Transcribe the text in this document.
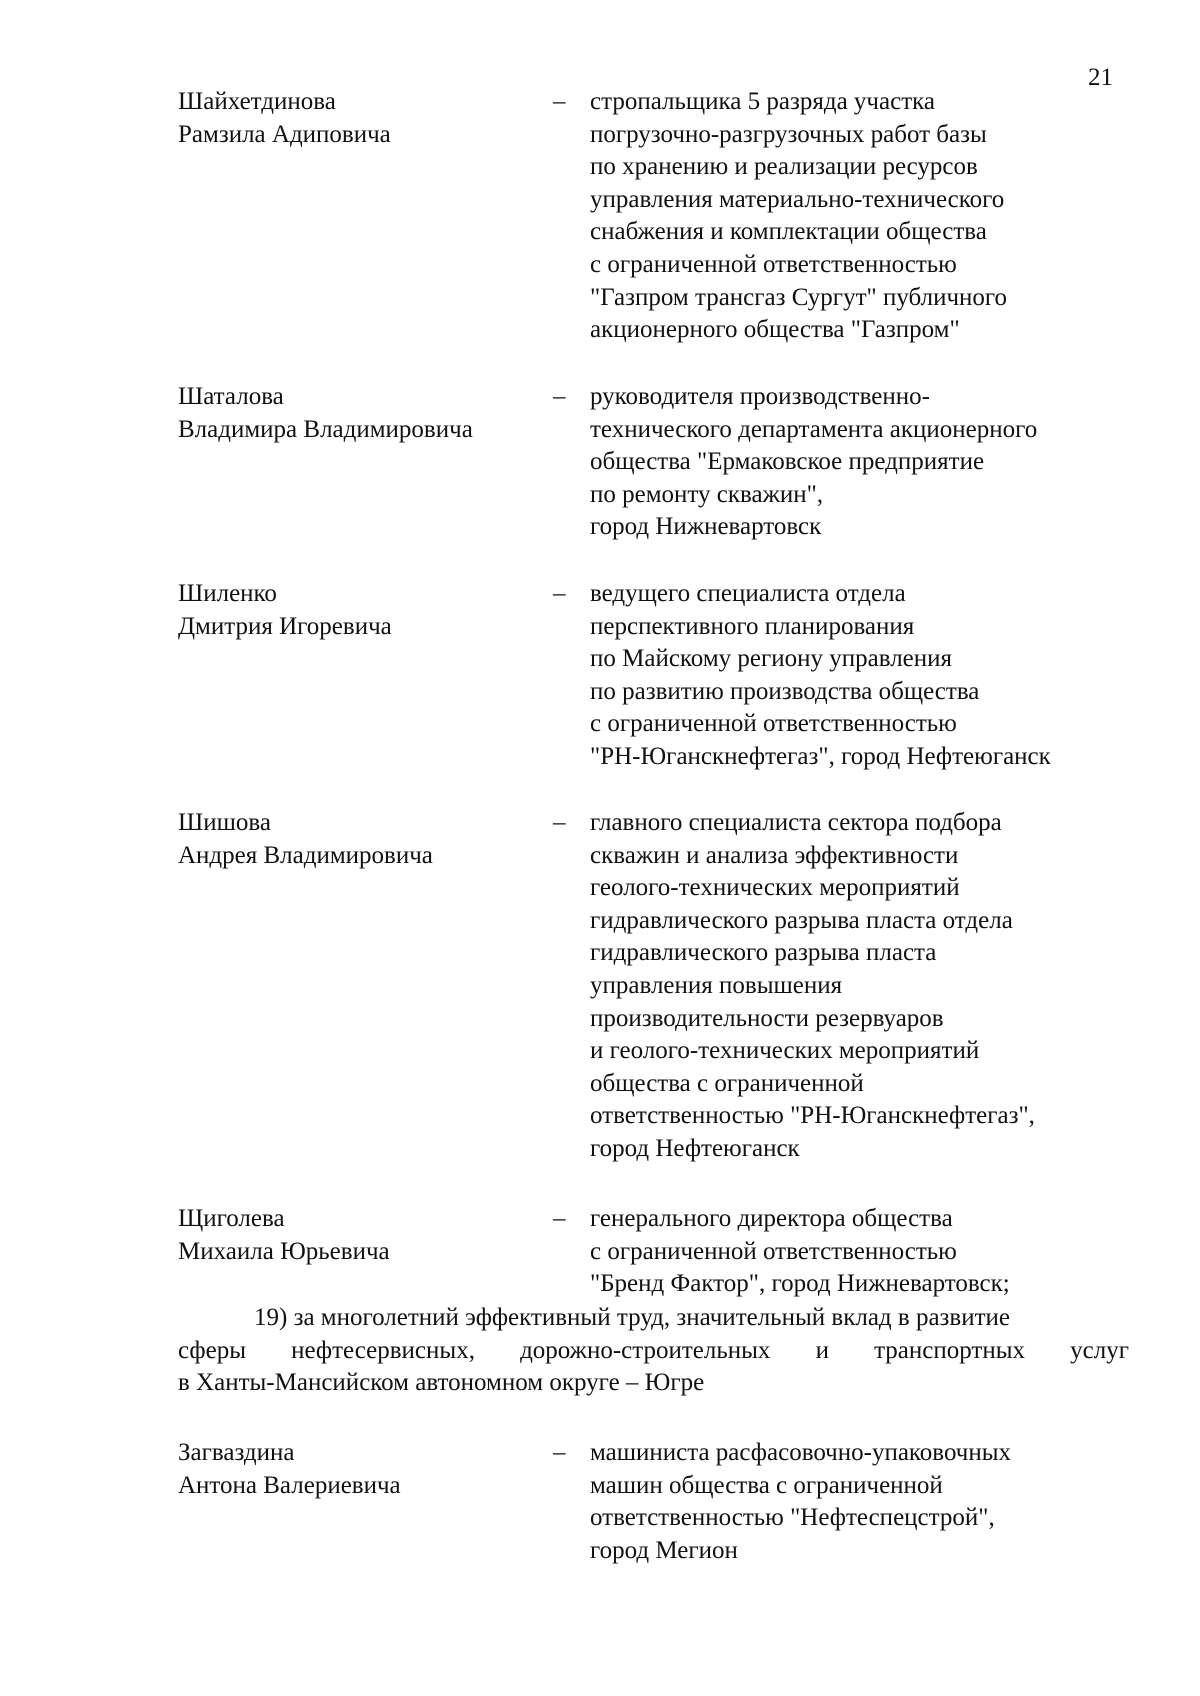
21
Шайхетдинова
Рамзила Адиповича
– стропальщика 5 разряда участка
погрузочно-разгрузочных работ базы
по хранению и реализации ресурсов
управления материально-технического
снабжения и комплектации общества
с ограниченной ответственностью
"Газпром трансгаз Сургут" публичного
акционерного общества "Газпром"
Шаталова
Владимира Владимировича
– руководителя производственно-
технического департамента акционерного
общества "Ермаковское предприятие
по ремонту скважин",
город Нижневартовск
Шиленко
Дмитрия Игоревича
– ведущего специалиста отдела
перспективного планирования
по Майскому региону управления
по развитию производства общества
с ограниченной ответственностью
"РН-Юганскнефтегаз", город Нефтеюганск
Шишова
Андрея Владимировича
– главного специалиста сектора подбора
скважин и анализа эффективности
геолого-технических мероприятий
гидравлического разрыва пласта отдела
гидравлического разрыва пласта
управления повышения
производительности резервуаров
и геолого-технических мероприятий
общества с ограниченной
ответственностью "РН-Юганскнефтегаз",
город Нефтеюганск
Щиголева
Михаила Юрьевича
– генерального директора общества
с ограниченной ответственностью
"Бренд Фактор", город Нижневартовск;
19) за многолетний эффективный труд, значительный вклад в развитие
сферы нефтесервисных, дорожно-строительных и транспортных услуг
в Ханты-Мансийском автономном округе – Югре
Загваздина
Антона Валериевича
– машиниста расфасовочно-упаковочных
машин общества с ограниченной
ответственностью "Нефтеспецстрой",
город Мегион
